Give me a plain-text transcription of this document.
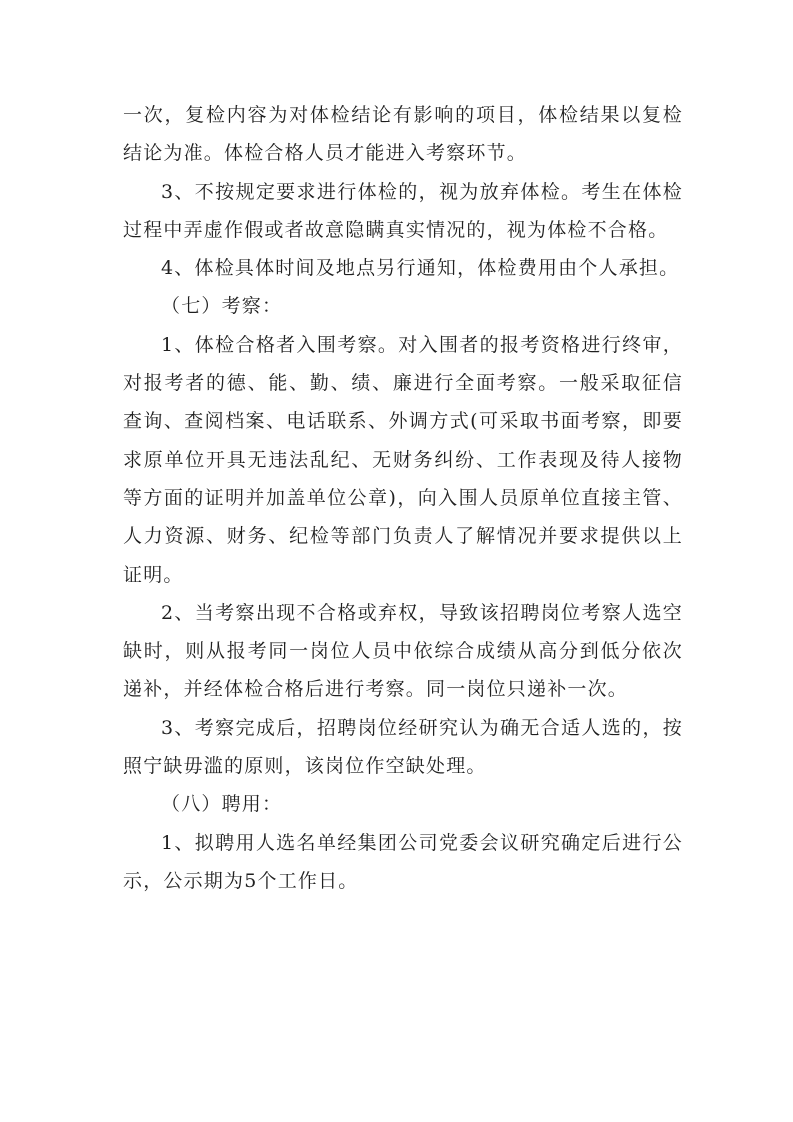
一次，复检内容为对体检结论有影响的项目，体检结果以复检结论为准。体检合格人员才能进入考察环节。

3、不按规定要求进行体检的，视为放弃体检。考生在体检过程中弄虚作假或者故意隐瞒真实情况的，视为体检不合格。

4、体检具体时间及地点另行通知，体检费用由个人承担。

（七）考察：

1、体检合格者入围考察。对入围者的报考资格进行终审，对报考者的德、能、勤、绩、廉进行全面考察。一般采取征信查询、查阅档案、电话联系、外调方式(可采取书面考察，即要求原单位开具无违法乱纪、无财务纠纷、工作表现及待人接物等方面的证明并加盖单位公章)，向入围人员原单位直接主管、人力资源、财务、纪检等部门负责人了解情况并要求提供以上证明。

2、当考察出现不合格或弃权，导致该招聘岗位考察人选空缺时，则从报考同一岗位人员中依综合成绩从高分到低分依次递补，并经体检合格后进行考察。同一岗位只递补一次。

3、考察完成后，招聘岗位经研究认为确无合适人选的，按照宁缺毋滥的原则，该岗位作空缺处理。

（八）聘用：

1、拟聘用人选名单经集团公司党委会议研究确定后进行公示，公示期为5个工作日。
